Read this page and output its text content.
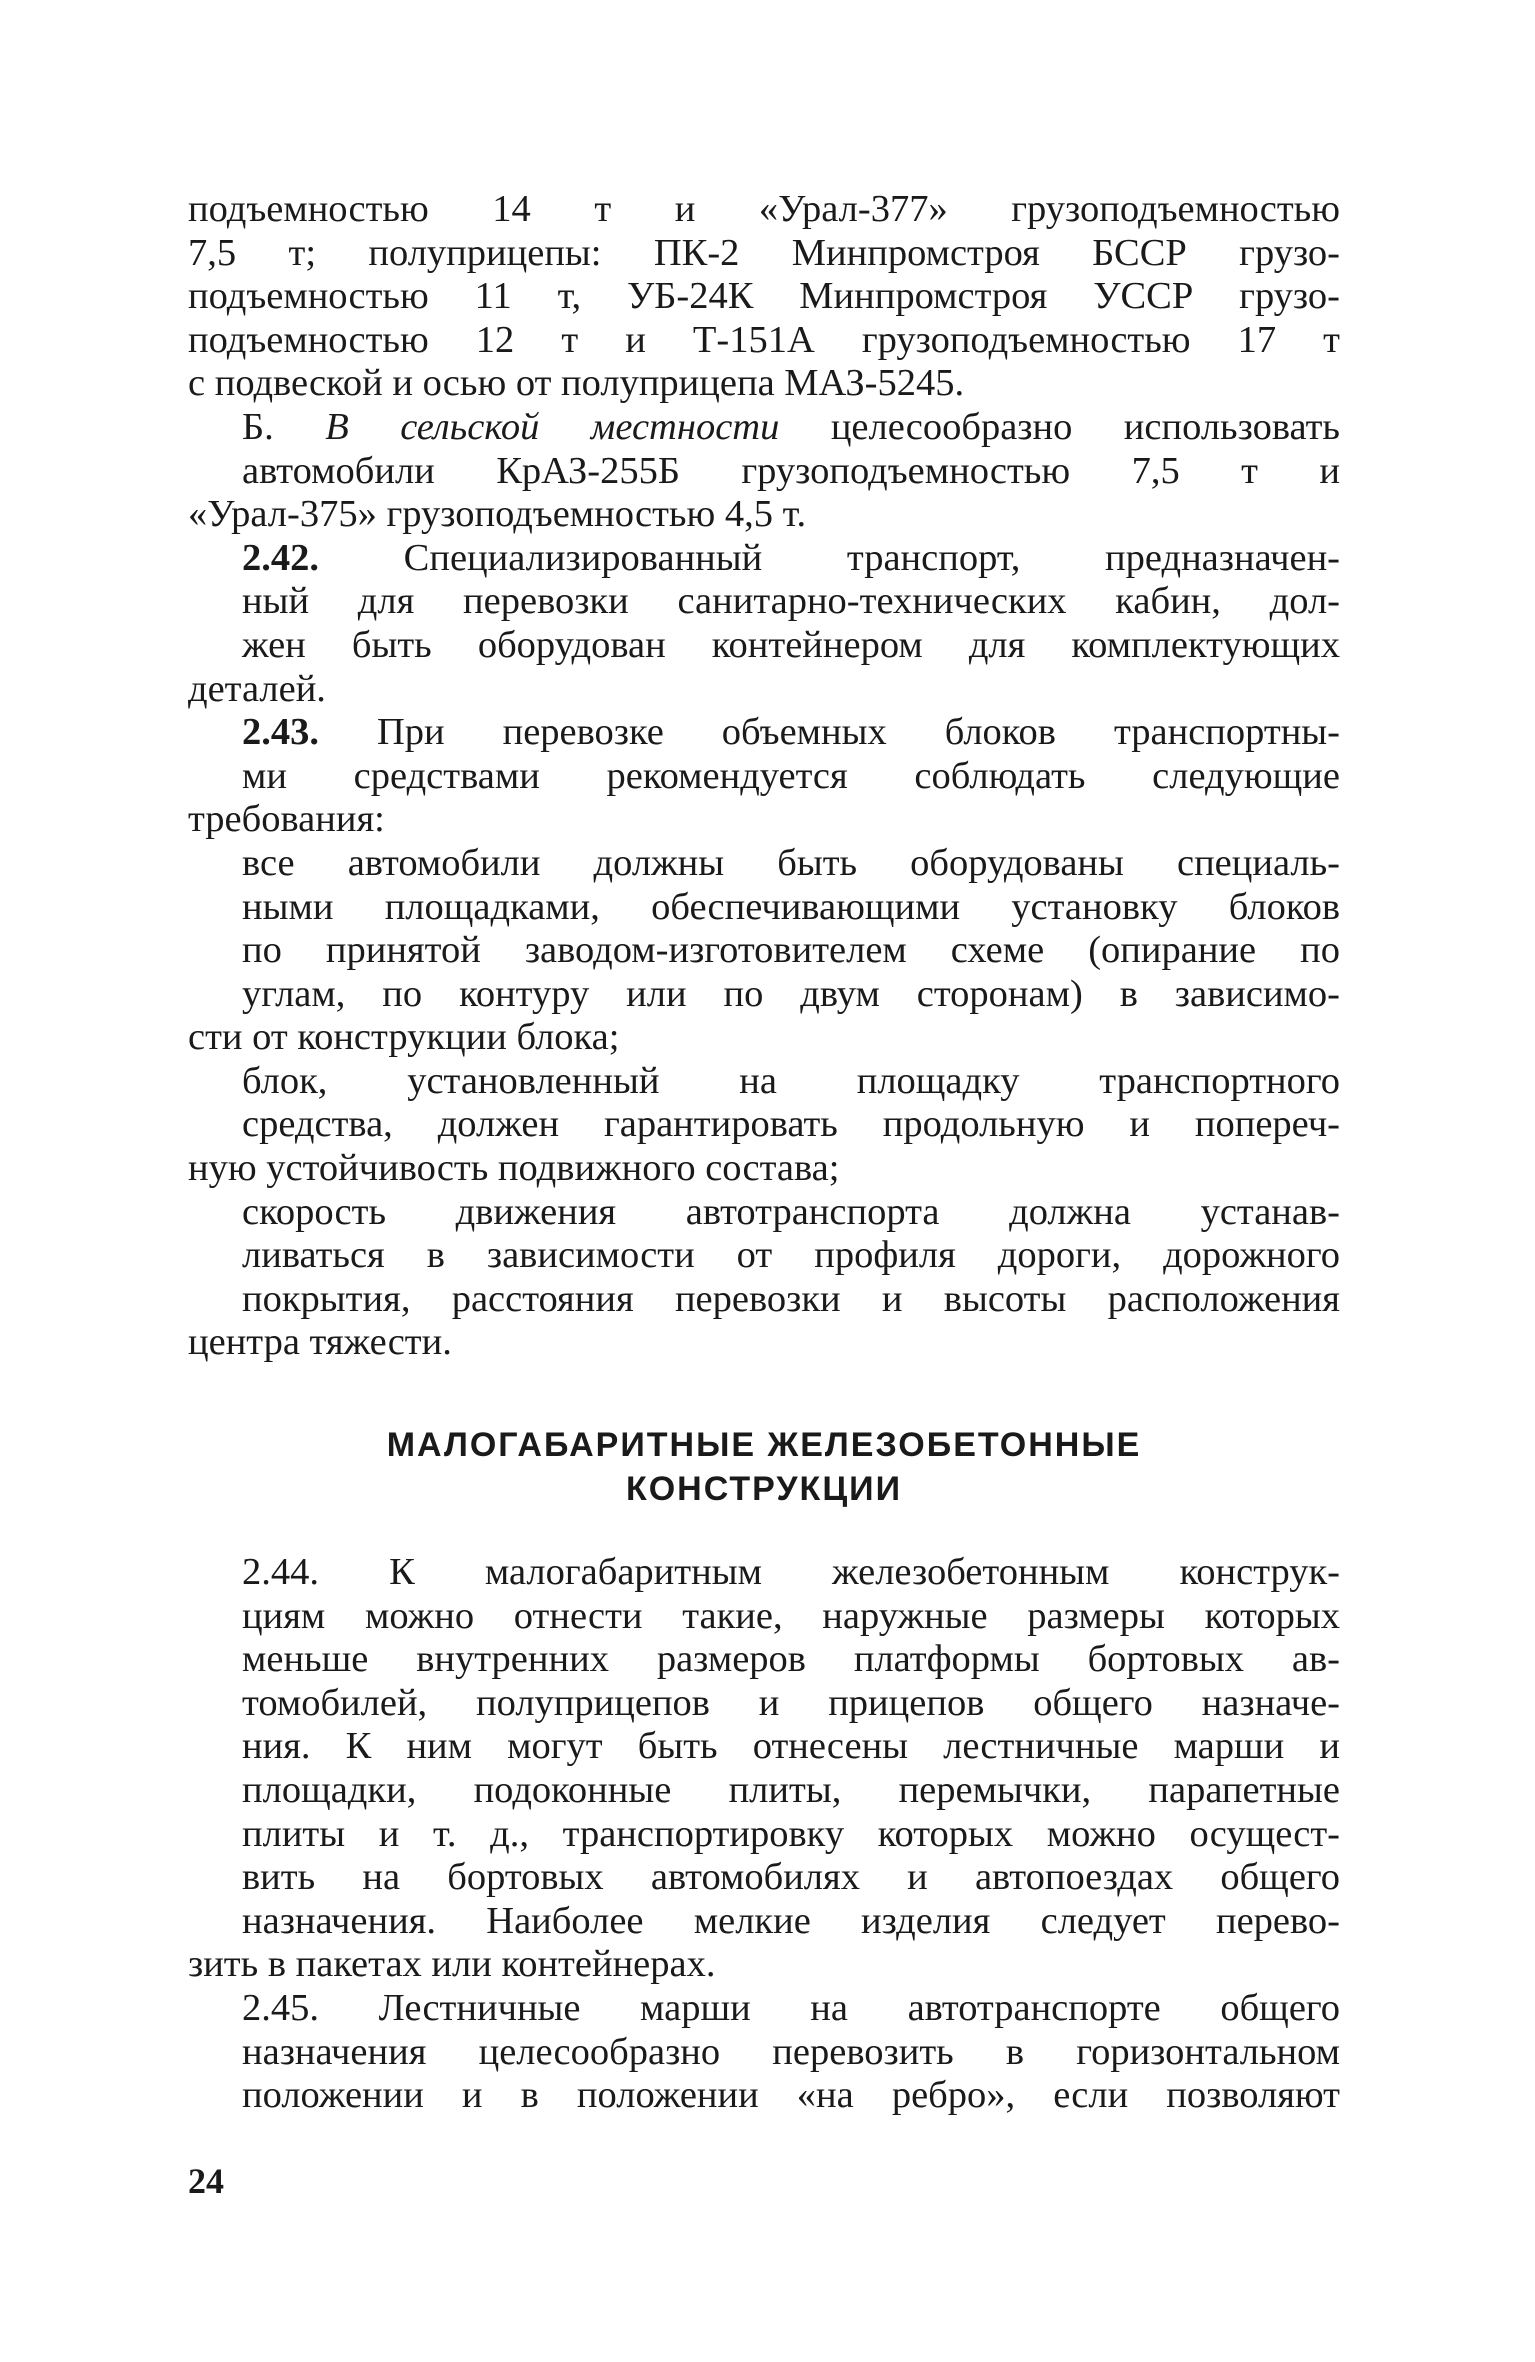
подъемностью 14 т и «Урал-377» грузоподъемностью
7,5 т; полуприцепы: ПК-2 Минпромстроя БССР грузо-
подъемностью 11 т, УБ-24К Минпромстроя УССР грузо-
подъемностью 12 т и Т-151А грузоподъемностью 17 т

с подвеской и осью от полуприцепа МАЗ-5245.

Б. В сельской местности целесообразно использовать
автомобили КрАЗ-255Б грузоподъемностью 7,5 т и

«Урал-375» грузоподъемностью 4,5 т.

2.42. Специализированный транспорт, предназначен-
ный для перевозки санитарно-технических кабин, дол-
жен быть оборудован контейнером для комплектующих

деталей.

2.43. При перевозке объемных блоков транспортны-
ми средствами рекомендуется соблюдать следующие

требования:

все автомобили должны быть оборудованы специаль-
ными площадками, обеспечивающими установку блоков
по принятой заводом-изготовителем схеме (опирание по
углам, по контуру или по двум сторонам) в зависимо-

сти от конструкции блока;

блок, установленный на площадку транспортного
средства, должен гарантировать продольную и попереч-

ную устойчивость подвижного состава;

скорость движения автотранспорта должна устанав-
ливаться в зависимости от профиля дороги, дорожного
покрытия, расстояния перевозки и высоты расположения

центра тяжести.

МАЛОГАБАРИТНЫЕ ЖЕЛЕЗОБЕТОННЫЕ
КОНСТРУКЦИИ

2.44. К малогабаритным железобетонным конструк-
циям можно отнести такие, наружные размеры которых
меньше внутренних размеров платформы бортовых ав-
томобилей, полуприцепов и прицепов общего назначе-
ния. К ним могут быть отнесены лестничные марши и
площадки, подоконные плиты, перемычки, парапетные
плиты и т. д., транспортировку которых можно осущест-
вить на бортовых автомобилях и автопоездах общего
назначения. Наиболее мелкие изделия следует перево-

зить в пакетах или контейнерах.

2.45. Лестничные марши на автотранспорте общего
назначения целесообразно перевозить в горизонтальном
положении и в положении «на ребро», если позволяют

24
